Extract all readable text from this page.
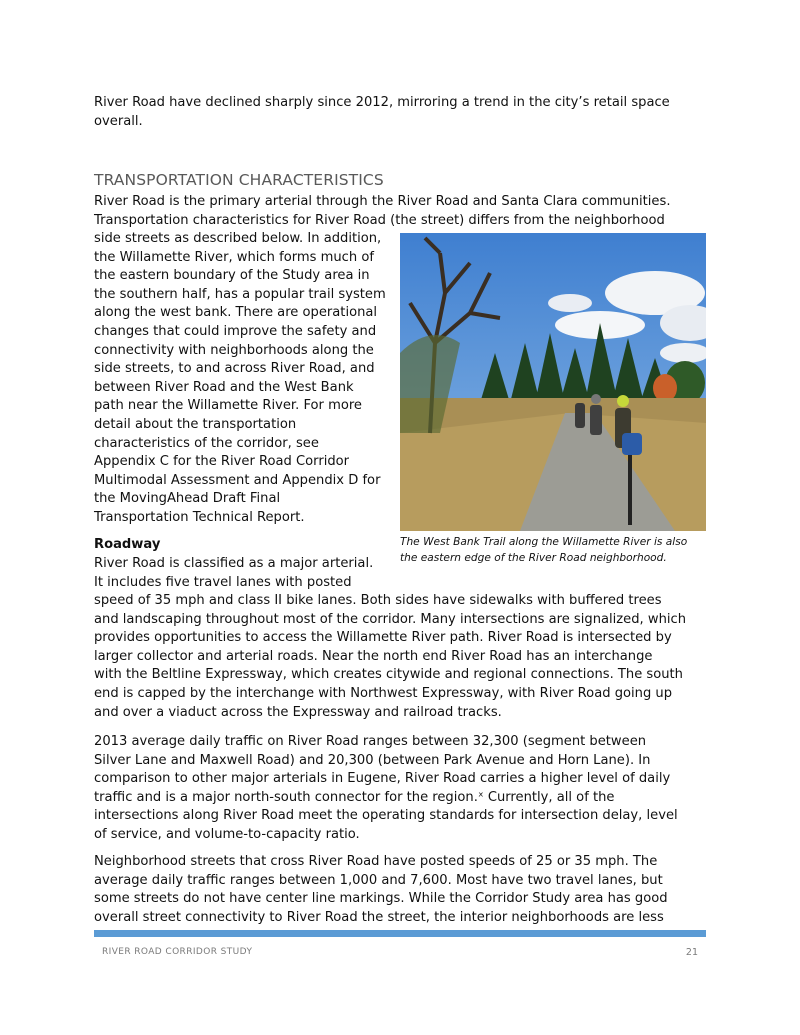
River Road have declined sharply since 2012, mirroring a trend in the city’s retail space
overall.

TRANSPORTATION CHARACTERISTICS

River Road is the primary arterial through the River Road and Santa Clara communities.
Transportation characteristics for River Road (the street) differs from the neighborhood

side streets as described below. In addition,
the Willamette River, which forms much of
the eastern boundary of the Study area in
the southern half, has a popular trail system
along the west bank. There are operational
changes that could improve the safety and
connectivity with neighborhoods along the
side streets, to and across River Road, and
between River Road and the West Bank
path near the Willamette River. For more
detail about the transportation
characteristics of the corridor, see
Appendix C for the River Road Corridor
Multimodal Assessment and Appendix D for
the MovingAhead Draft Final
Transportation Technical Report.

The West Bank Trail along the Willamette River is also
the eastern edge of the River Road neighborhood.

Roadway

River Road is classified as a major arterial.
It includes five travel lanes with posted

speed of 35 mph and class II bike lanes. Both sides have sidewalks with buffered trees
and landscaping throughout most of the corridor. Many intersections are signalized, which
provides opportunities to access the Willamette River path. River Road is intersected by
larger collector and arterial roads. Near the north end River Road has an interchange
with the Beltline Expressway, which creates citywide and regional connections. The south
end is capped by the interchange with Northwest Expressway, with River Road going up
and over a viaduct across the Expressway and railroad tracks.

2013 average daily traffic on River Road ranges between 32,300 (segment between
Silver Lane and Maxwell Road) and 20,300 (between Park Avenue and Horn Lane). In
comparison to other major arterials in Eugene, River Road carries a higher level of daily
traffic and is a major north-south connector for the region.ˣ Currently, all of the
intersections along River Road meet the operating standards for intersection delay, level
of service, and volume-to-capacity ratio.

Neighborhood streets that cross River Road have posted speeds of 25 or 35 mph. The
average daily traffic ranges between 1,000 and 7,600. Most have two travel lanes, but
some streets do not have center line markings. While the Corridor Study area has good
overall street connectivity to River Road the street, the interior neighborhoods are less

RIVER ROAD CORRIDOR STUDY	21
